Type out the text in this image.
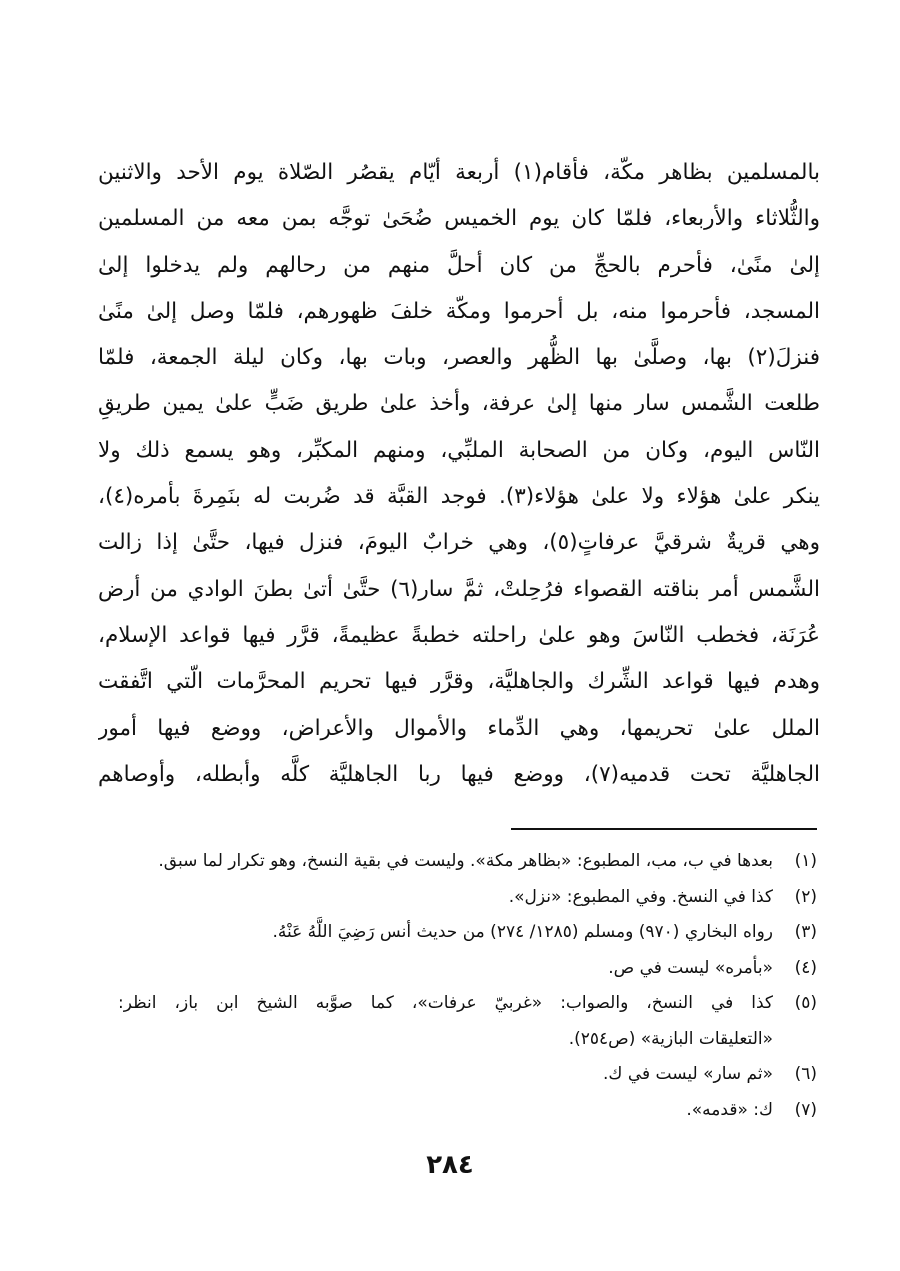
بالمسلمين بظاهر مكّة، فأقام(١) أربعة أيّام يقصُر الصّلاة يوم الأحد والاثنين
والثُّلاثاء والأربعاء، فلمّا كان يوم الخميس ضُحَىٰ توجَّه بمن معه من المسلمين
إلىٰ منًىٰ، فأحرم بالحجِّ من كان أحلَّ منهم من رحالهم ولم يدخلوا إلىٰ
المسجد، فأحرموا منه، بل أحرموا ومكّة خلفَ ظهورهم، فلمّا وصل إلىٰ منًىٰ
فنزلَ(٢) بها، وصلَّىٰ بها الظُّهر والعصر، وبات بها، وكان ليلة الجمعة، فلمّا
طلعت الشَّمس سار منها إلىٰ عرفة، وأخذ علىٰ طريق ضَبٍّ علىٰ يمين طريقِ
النّاس اليوم، وكان من الصحابة الملبِّي، ومنهم المكبِّر، وهو يسمع ذلك ولا
ينكر علىٰ هؤلاء ولا علىٰ هؤلاء(٣). فوجد القبَّة قد ضُربت له بنَمِرةَ بأمره(٤)،
وهي قريةٌ شرقيَّ عرفاتٍ(٥)، وهي خرابٌ اليومَ، فنزل فيها، حتَّىٰ إذا زالت
الشَّمس أمر بناقته القصواء فرُحِلتْ، ثمَّ سار(٦) حتَّىٰ أتىٰ بطنَ الوادي من أرض
عُرَنَة، فخطب النّاسَ وهو علىٰ راحلته خطبةً عظيمةً، قرَّر فيها قواعد الإسلام،
وهدم فيها قواعد الشِّرك والجاهليَّة، وقرَّر فيها تحريم المحرَّمات الّتي اتَّفقت
الملل علىٰ تحريمها، وهي الدِّماء والأموال والأعراض، ووضع فيها أمور
الجاهليَّة تحت قدميه(٧)، ووضع فيها ربا الجاهليَّة كلَّه وأبطله، وأوصاهم
(١)
بعدها في ب، مب، المطبوع: «بظاهر مكة». وليست في بقية النسخ، وهو تكرار لما سبق.
(٢)
كذا في النسخ. وفي المطبوع: «نزل».
(٣)
رواه البخاري (٩٧٠) ومسلم (١٢٨٥/ ٢٧٤) من حديث أنس رَضِيَ اللَّهُ عَنْهُ.
(٤)
«بأمره» ليست في ص.
(٥)
كذا في النسخ، والصواب: «غربيّ عرفات»، كما صوَّبه الشيخ ابن باز، انظر:
«التعليقات البازية» (ص٢٥٤).
(٦)
«ثم سار» ليست في ك.
(٧)
ك: «قدمه».
٢٨٤
